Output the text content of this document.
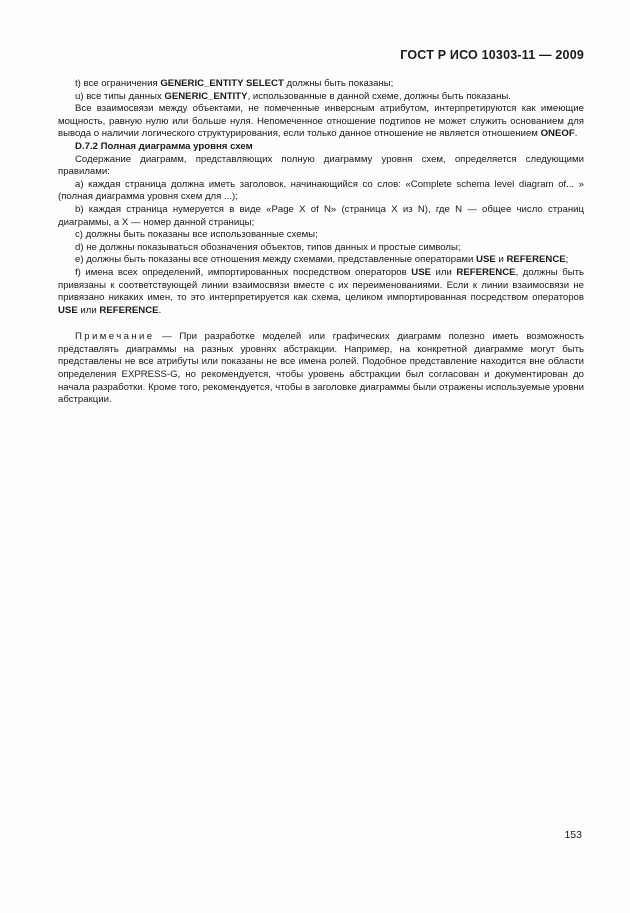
ГОСТ Р ИСО 10303-11 — 2009

t) все ограничения GENERIC_ENTITY SELECT должны быть показаны;

u) все типы данных GENERIC_ENTITY, использованные в данной схеме, должны быть показаны.

Все взаимосвязи между объектами, не помеченные инверсным атрибутом, интерпретируются как имеющие мощность, равную нулю или больше нуля. Непомеченное отношение подтипов не может служить основанием для вывода о наличии логического структурирования, если только данное отношение не является отношением ONEOF.

D.7.2 Полная диаграмма уровня схем

Содержание диаграмм, представляющих полную диаграмму уровня схем, определяется следующими правилами:

а) каждая страница должна иметь заголовок, начинающийся со слов: «Complete schema level diagram of... » (полная диаграмма уровня схем для ...);

b) каждая страница нумеруется в виде «Page X of N» (страница X из N), где N — общее число страниц диаграммы, а X — номер данной страницы;

c) должны быть показаны все использованные схемы;

d) не должны показываться обозначения объектов, типов данных и простые символы;

е) должны быть показаны все отношения между схемами, представленные операторами USE и REFERENCE;

f) имена всех определений, импортированных посредством операторов USE или REFERENCE, должны быть привязаны к соответствующей линии взаимосвязи вместе с их переименованиями. Если к линии взаимосвязи не привязано никаких имен, то это интерпретируется как схема, целиком импортированная посредством операторов USE или REFERENCE.

Примечание — При разработке моделей или графических диаграмм полезно иметь возможность представлять диаграммы на разных уровнях абстракции. Например, на конкретной диаграмме могут быть представлены не все атрибуты или показаны не все имена ролей. Подобное представление находится вне области определения EXPRESS-G, но рекомендуется, чтобы уровень абстракции был согласован и документирован до начала разработки. Кроме того, рекомендуется, чтобы в заголовке диаграммы были отражены используемые уровни абстракции.

153
